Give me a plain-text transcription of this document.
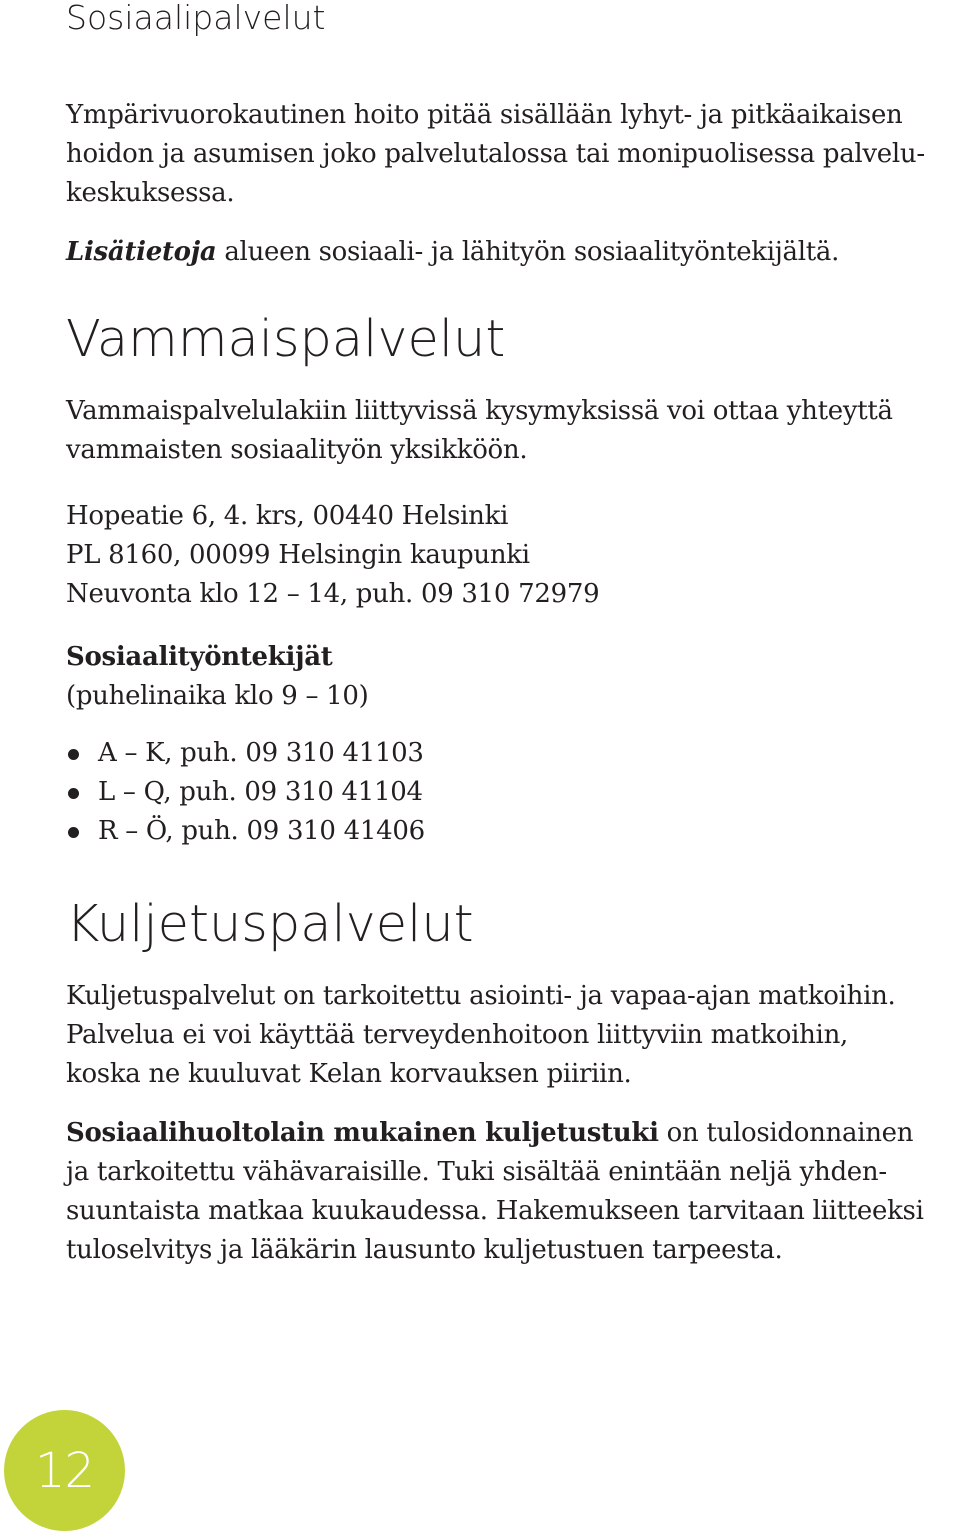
Sosiaalipalvelut

Ympärivuorokautinen hoito pitää sisällään lyhyt- ja pitkäaikaisen

hoidon ja asumisen joko palvelutalossa tai monipuolisessa palvelu-

keskuksessa.

Lisätietoja alueen sosiaali- ja lähityön sosiaalityöntekijältä.

Vammaispalvelut

Vammaispalvelulakiin liittyvissä kysymyksissä voi ottaa yhteyttä

vammaisten sosiaalityön yksikköön.

Hopeatie 6, 4. krs, 00440 Helsinki

PL 8160, 00099 Helsingin kaupunki

Neuvonta klo 12 – 14, puh. 09 310 72979

Sosiaalityöntekijät

(puhelinaika klo 9 – 10)

A – K, puh. 09 310 41103
L – Q, puh. 09 310 41104
R – Ö, puh. 09 310 41406
Kuljetuspalvelut

Kuljetuspalvelut on tarkoitettu asiointi- ja vapaa-ajan matkoihin.

Palvelua ei voi käyttää terveydenhoitoon liittyviin matkoihin,

koska ne kuuluvat Kelan korvauksen piiriin.

Sosiaalihuoltolain mukainen kuljetustuki on tulosidonnainen

ja tarkoitettu vähävaraisille. Tuki sisältää enintään neljä yhden-

suuntaista matkaa kuukaudessa. Hakemukseen tarvitaan liitteeksi

tuloselvitys ja lääkärin lausunto kuljetustuen tarpeesta.

12
